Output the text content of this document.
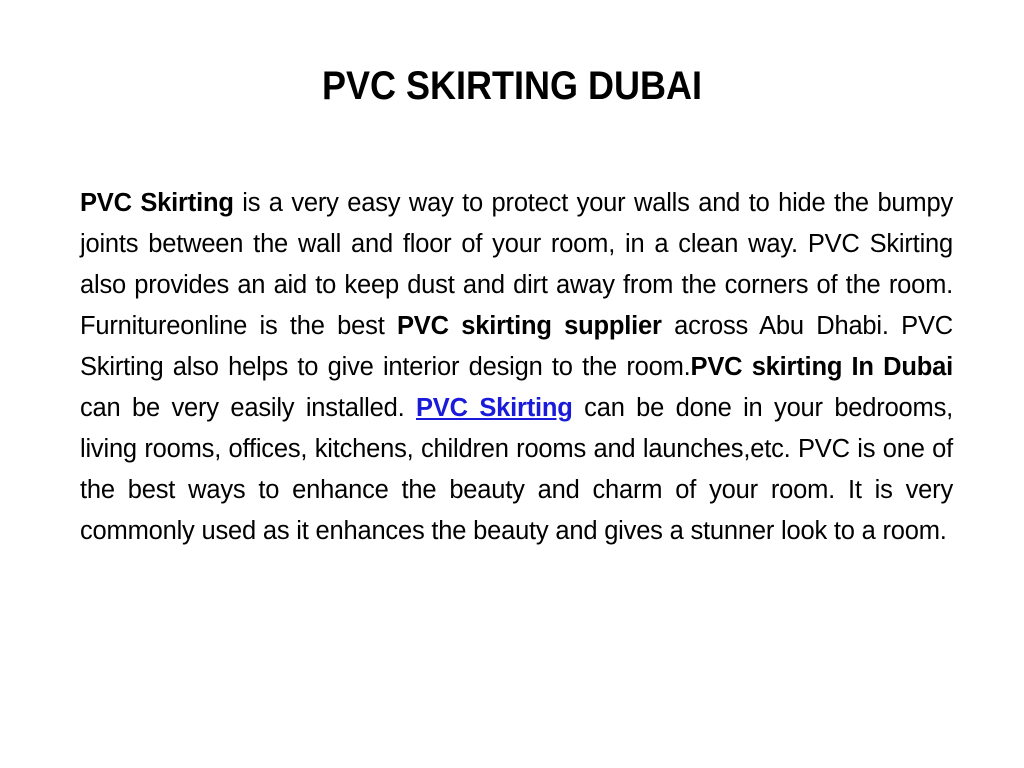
PVC SKIRTING DUBAI

PVC Skirting is a very easy way to protect your walls and to hide the bumpy joints between the wall and floor of your room, in a clean way. PVC Skirting also provides an aid to keep dust and dirt away from the corners of the room. Furnitureonline is the best PVC skirting supplier across Abu Dhabi. PVC Skirting also helps to give interior design to the room.PVC skirting In Dubai can be very easily installed. PVC Skirting can be done in your bedrooms, living rooms, offices, kitchens, children rooms and launches,etc. PVC is one of the best ways to enhance the beauty and charm of your room. It is very commonly used as it enhances the beauty and gives a stunner look to a room.
